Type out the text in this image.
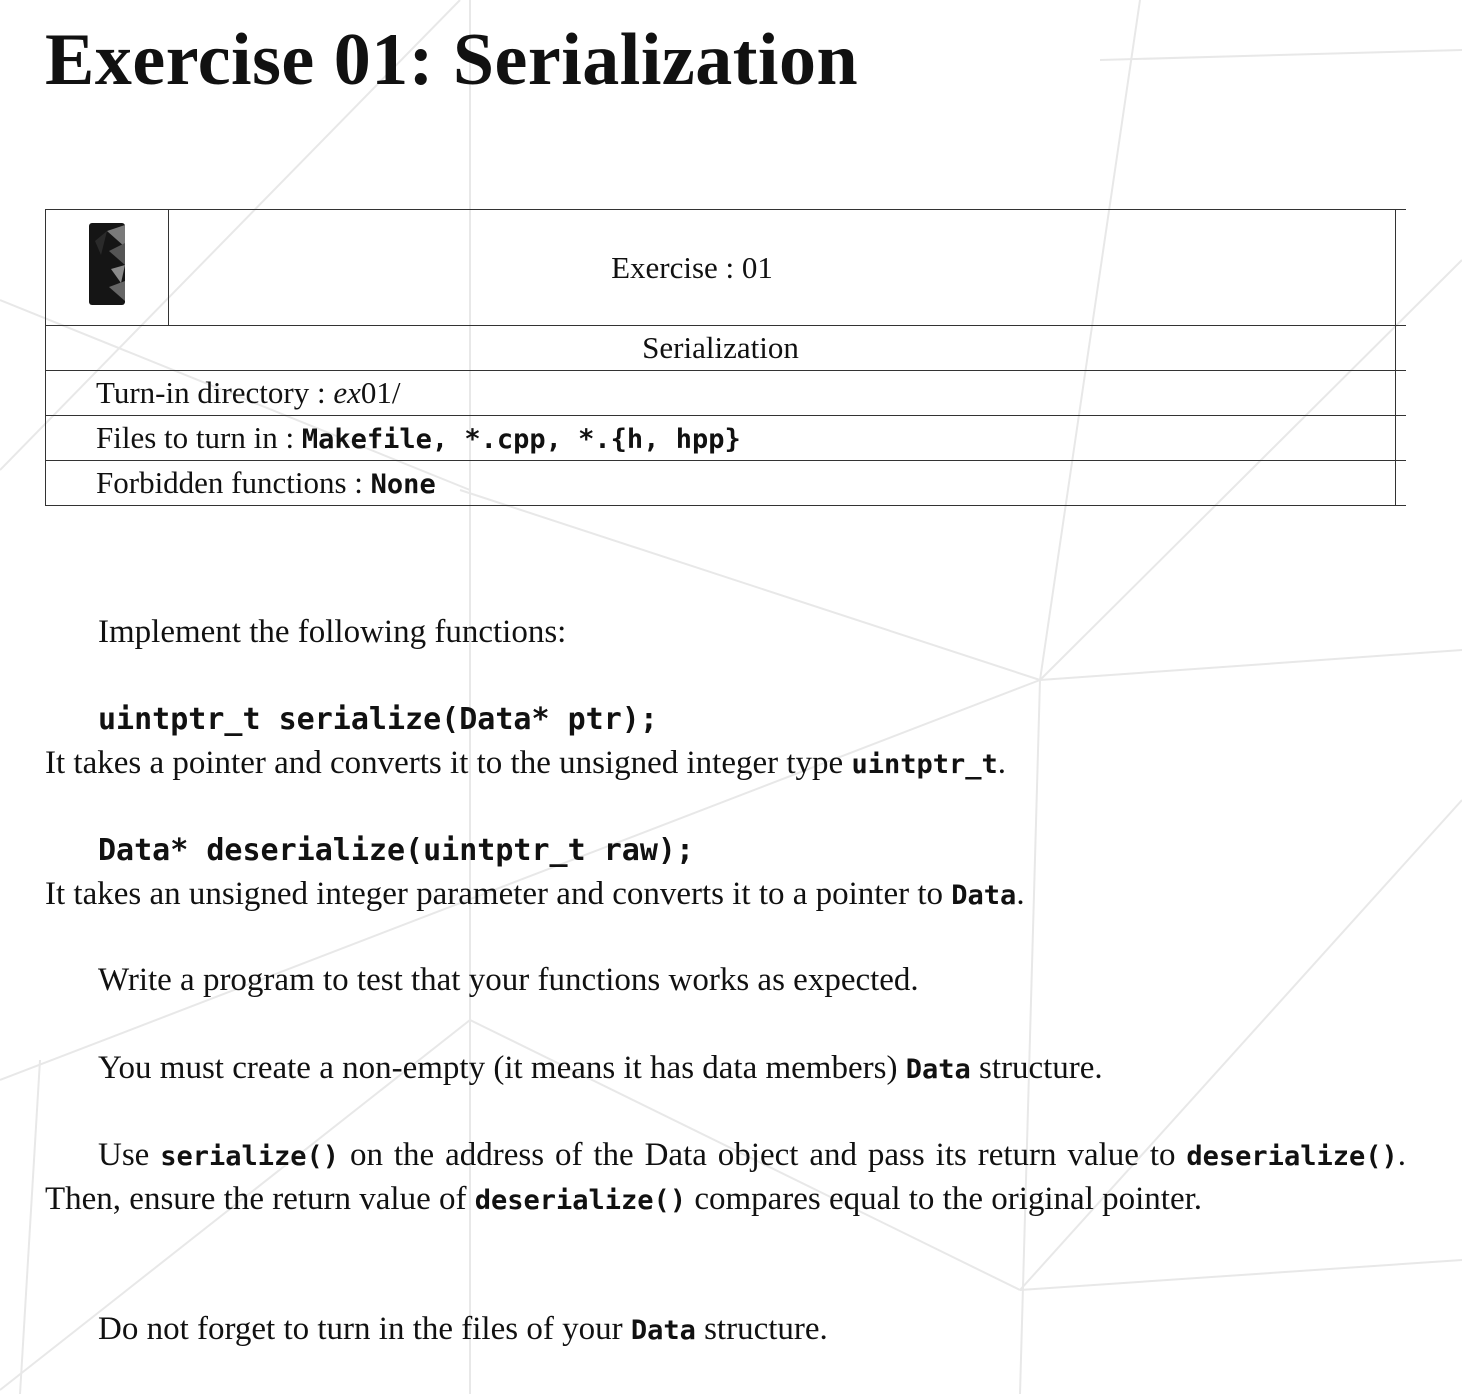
Exercise 01: Serialization
	Exercise : 01	
Serialization		
Turn-in directory : ex01/		
Files to turn in : Makefile, *.cpp, *.{h, hpp}		
Forbidden functions : None		

Implement the following functions:

uintptr_t serialize(Data* ptr);

It takes a pointer and converts it to the unsigned integer type uintptr_t.

Data* deserialize(uintptr_t raw);

It takes an unsigned integer parameter and converts it to a pointer to Data.

Write a program to test that your functions works as expected.

You must create a non-empty (it means it has data members) Data structure.

Use serialize() on the address of the Data object and pass its return value to deserialize(). Then, ensure the return value of deserialize() compares equal to the original pointer.

Do not forget to turn in the files of your Data structure.
